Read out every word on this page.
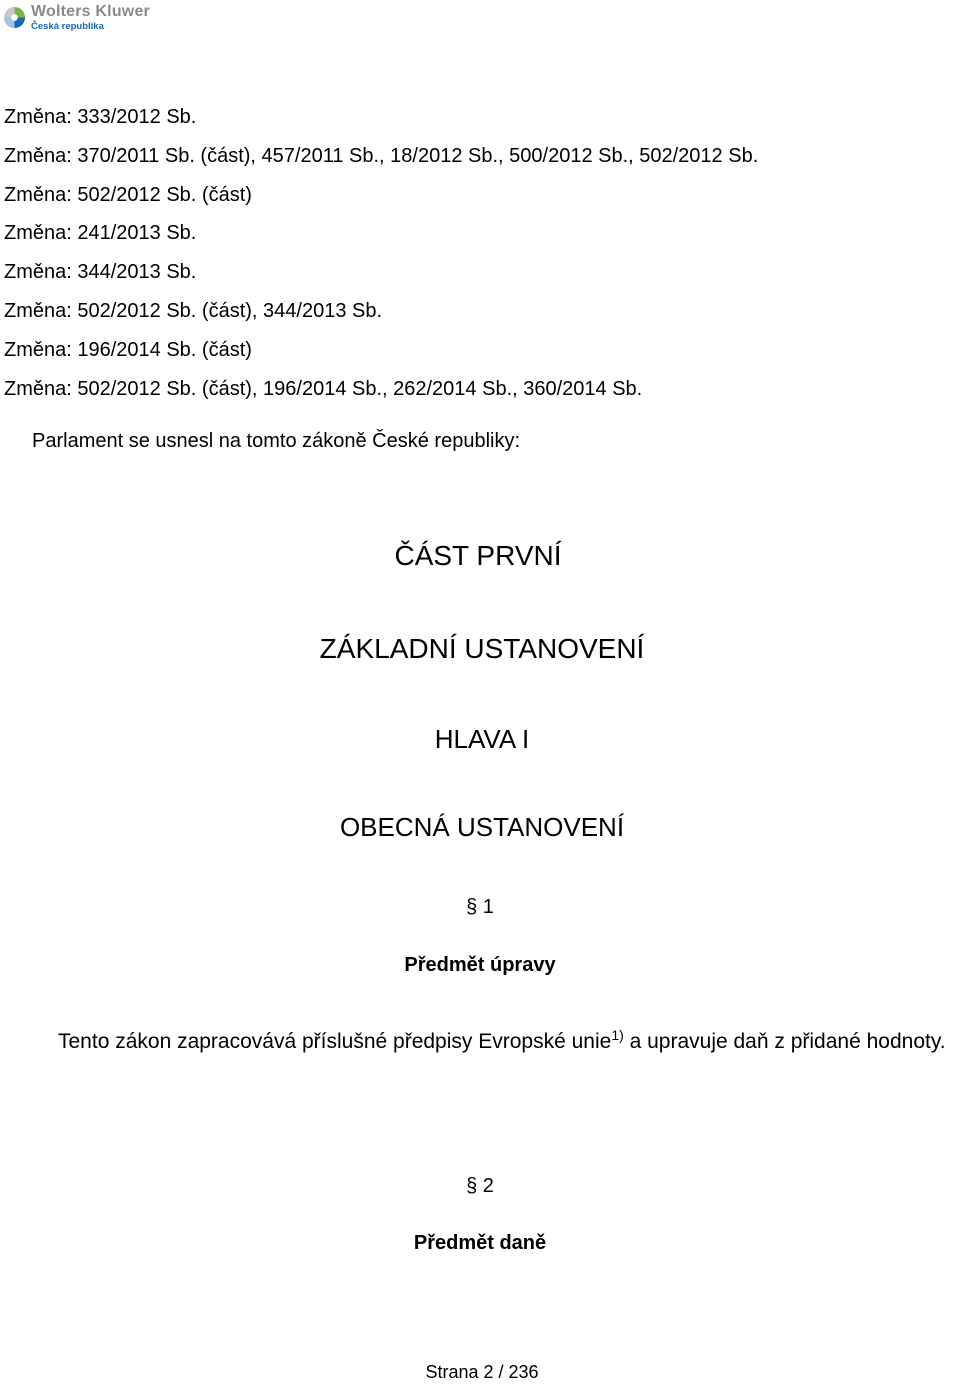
Wolters Kluwer
Česká republika
Změna: 333/2012 Sb.
Změna: 370/2011 Sb. (část), 457/2011 Sb., 18/2012 Sb., 500/2012 Sb., 502/2012 Sb.
Změna: 502/2012 Sb. (část)
Změna: 241/2013 Sb.
Změna: 344/2013 Sb.
Změna: 502/2012 Sb. (část), 344/2013 Sb.
Změna: 196/2014 Sb. (část)
Změna: 502/2012 Sb. (část), 196/2014 Sb., 262/2014 Sb., 360/2014 Sb.
Parlament se usnesl na tomto zákoně České republiky:
ČÁST PRVNÍ
ZÁKLADNÍ USTANOVENÍ
HLAVA I
OBECNÁ USTANOVENÍ
§ 1
Předmět úpravy

Tento zákon zapracovává příslušné předpisy Evropské unie$^{1)}$ a upravuje daň z přidané hodnoty.

§ 2
Předmět daně
Strana 2 / 236
